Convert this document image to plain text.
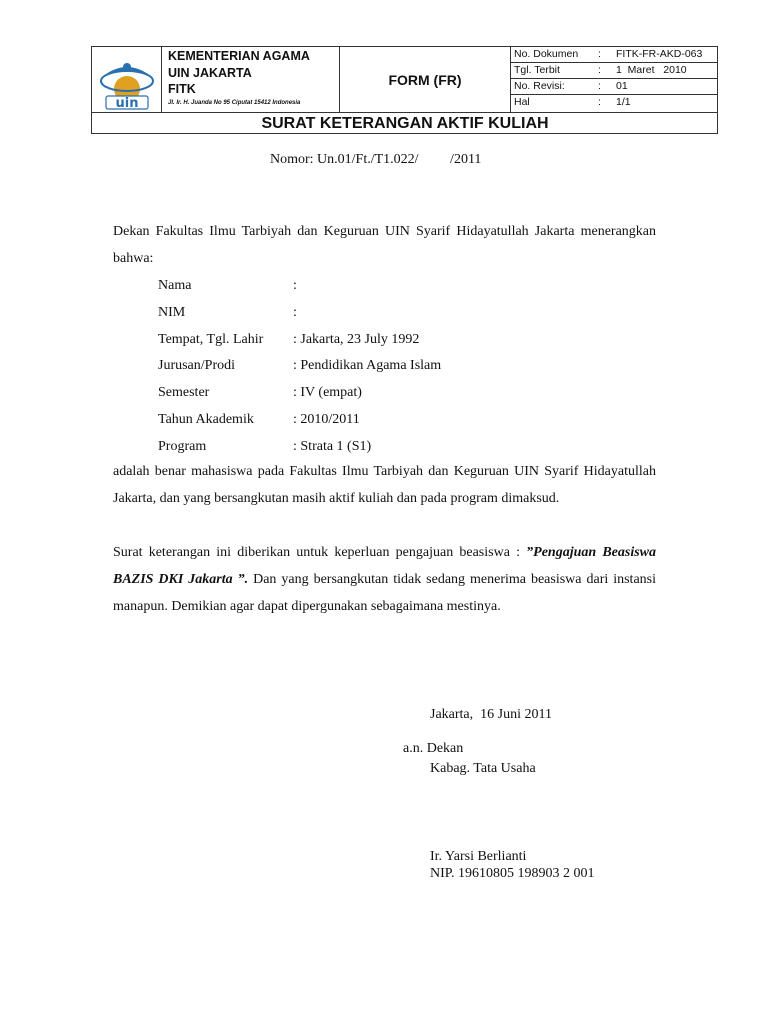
uin
KEMENTERIAN AGAMA
UIN JAKARTA
FITK
Jl. Ir. H. Juanda No 95 Ciputat 15412 Indonesia
FORM (FR)
No. Dokumen : FITK-FR-AKD-063
Tgl. Terbit	: 1  Maret   2010
No. Revisi:	: 01
Hal	: 1/1
SURAT KETERANGAN AKTIF KULIAH
Nomor: Un.01/Ft./T1.022/         /2011
Dekan Fakultas Ilmu Tarbiyah dan Keguruan UIN Syarif Hidayatullah Jakarta menerangkan bahwa:
Nama	:
NIM	:
Tempat, Tgl. Lahir : Jakarta, 23 July 1992
Jurusan/Prodi	: Pendidikan Agama Islam
Semester	: IV (empat)
Tahun Akademik	: 2010/2011
Program	: Strata 1 (S1)
adalah benar mahasiswa pada Fakultas Ilmu Tarbiyah dan Keguruan UIN Syarif Hidayatullah Jakarta, dan yang bersangkutan masih aktif kuliah dan pada program dimaksud.
Surat keterangan ini diberikan untuk keperluan pengajuan beasiswa : ”Pengajuan Beasiswa BAZIS DKI Jakarta ”. Dan yang bersangkutan tidak sedang menerima beasiswa dari instansi manapun. Demikian agar dapat dipergunakan sebagaimana mestinya.
Jakarta,  16 Juni 2011
a.n. Dekan
Kabag. Tata Usaha
Ir. Yarsi Berlianti
NIP. 19610805 198903 2 001
